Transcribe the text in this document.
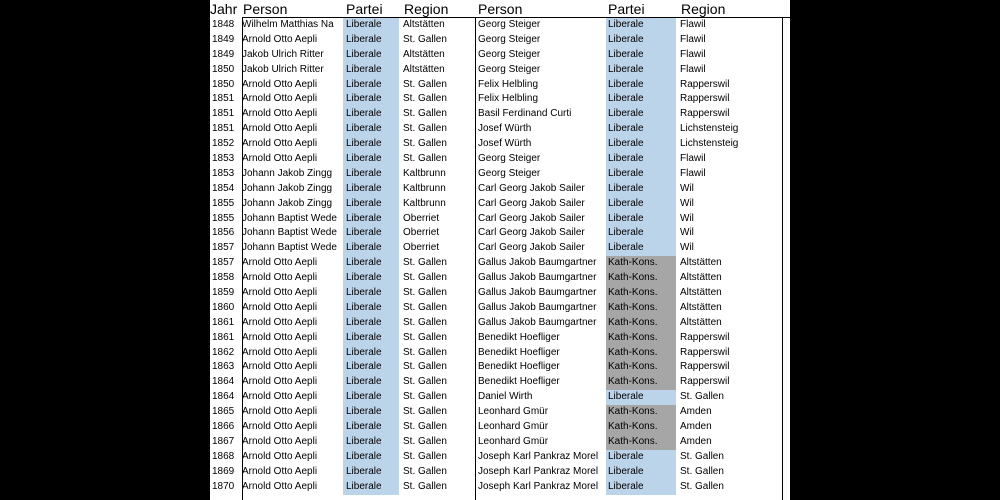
Jahr Person	Partei Region Person	Partei	Region
1848 Wilhelm Matthias Na	Liberale	Altstätten	Georg Steiger	Liberale	Flawil
1849 Arnold Otto Aepli	Liberale	St. Gallen	Georg Steiger	Liberale	Flawil
1849 Jakob Ulrich Ritter	Liberale	Altstätten	Georg Steiger	Liberale	Flawil
1850 Jakob Ulrich Ritter	Liberale	Altstätten	Georg Steiger	Liberale	Flawil
1850 Arnold Otto Aepli	Liberale	St. Gallen	Felix Helbling	Liberale	Rapperswil
1851 Arnold Otto Aepli	Liberale	St. Gallen	Felix Helbling	Liberale	Rapperswil
1851 Arnold Otto Aepli	Liberale	St. Gallen	Basil Ferdinand Curti	Liberale	Rapperswil
1851 Arnold Otto Aepli	Liberale	St. Gallen	Josef Würth	Liberale	Lichstensteig
1852 Arnold Otto Aepli	Liberale	St. Gallen	Josef Würth	Liberale	Lichstensteig
1853 Arnold Otto Aepli	Liberale	St. Gallen	Georg Steiger	Liberale	Flawil
1853 Johann Jakob Zingg	Liberale	Kaltbrunn	Georg Steiger	Liberale	Flawil
1854 Johann Jakob Zingg	Liberale	Kaltbrunn	Carl Georg Jakob Sailer	Liberale	Wil
1855 Johann Jakob Zingg	Liberale	Kaltbrunn	Carl Georg Jakob Sailer	Liberale	Wil
1855 Johann Baptist Wede Liberale	Oberriet	Carl Georg Jakob Sailer	Liberale	Wil
1856 Johann Baptist Wede Liberale	Oberriet	Carl Georg Jakob Sailer	Liberale	Wil
1857 Johann Baptist Wede Liberale	Oberriet	Carl Georg Jakob Sailer	Liberale	Wil
1857 Arnold Otto Aepli	Liberale	St. Gallen	Gallus Jakob Baumgartner	Kath-Kons.	Altstätten
1858 Arnold Otto Aepli	Liberale	St. Gallen	Gallus Jakob Baumgartner	Kath-Kons.	Altstätten
1859 Arnold Otto Aepli	Liberale	St. Gallen	Gallus Jakob Baumgartner	Kath-Kons.	Altstätten
1860 Arnold Otto Aepli	Liberale	St. Gallen	Gallus Jakob Baumgartner	Kath-Kons.	Altstätten
1861 Arnold Otto Aepli	Liberale	St. Gallen	Gallus Jakob Baumgartner	Kath-Kons.	Altstätten
1861 Arnold Otto Aepli	Liberale	St. Gallen	Benedikt Hoefliger	Kath-Kons.	Rapperswil
1862 Arnold Otto Aepli	Liberale	St. Gallen	Benedikt Hoefliger	Kath-Kons.	Rapperswil
1863 Arnold Otto Aepli	Liberale	St. Gallen	Benedikt Hoefliger	Kath-Kons.	Rapperswil
1864 Arnold Otto Aepli	Liberale	St. Gallen	Benedikt Hoefliger	Kath-Kons.	Rapperswil
1864 Arnold Otto Aepli	Liberale	St. Gallen	Daniel Wirth	Liberale	St. Gallen
1865 Arnold Otto Aepli	Liberale	St. Gallen	Leonhard Gmür	Kath-Kons.	Amden
1866 Arnold Otto Aepli	Liberale	St. Gallen	Leonhard Gmür	Kath-Kons.	Amden
1867 Arnold Otto Aepli	Liberale	St. Gallen	Leonhard Gmür	Kath-Kons.	Amden
1868 Arnold Otto Aepli	Liberale	St. Gallen	Joseph Karl Pankraz Morel Liberale	St. Gallen
1869 Arnold Otto Aepli	Liberale	St. Gallen	Joseph Karl Pankraz Morel Liberale	St. Gallen
1870 Arnold Otto Aepli	Liberale	St. Gallen	Joseph Karl Pankraz Morel Liberale	St. Gallen
